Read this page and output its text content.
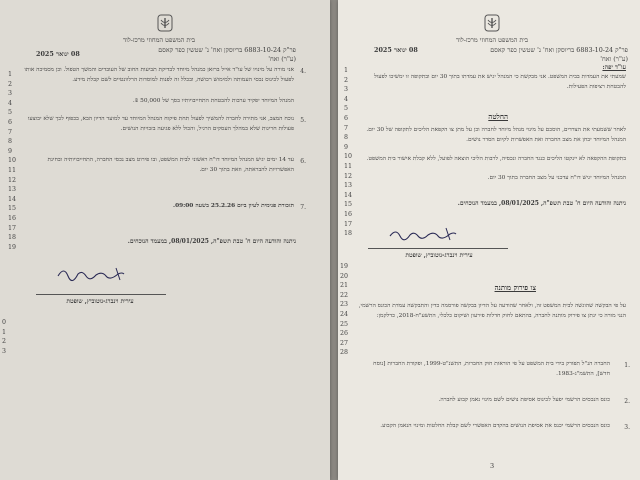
בית המשפט המחוזי מרכז-לוד
פר"ק 6883-10-24 בריוסקן ואח' נ' שטשין כפר קאסם
(ע"ר) ואח'
08 ינואר 2025
1
2
3
4
5
6
7
8
9
10
11
12
13
14
15
16
17
18
19
4.
אני מורה על מינויו של עו"ד אייל ברזאן כמנהל מיוחד לבדיקת תביעות החוב של העובדים והמשך הטפול. וכן מסמיכה אותו לפעול לכינוס נכסי העמותה ולמימוש רכושה, ובכלל זה לפנות למוסדות הרלוונטיים לשם קבלת מידע.
המנהל המיוחד יפקיד ערבות להבטחת התחייבויותיו בסך של 50,000 ₪.
5.
נוכח המצב, אני מתירה לחברה להמשיך לפעול תחת פיקוח המנהל המיוחד עד למועד הדיון הבא, בכפוף לכך שלא יבוצעו פעולות חריגות שלא במהלך העסקים הרגיל, והכול ללא פגיעה בזכויות הנושים.
6.
עד 14 ימים יגיש המנהל המיוחד דו"ח ראשוני לבית המשפט, ובו פירוט מצב נכסי החברה, התחייבויותיה ובחינת האפשרויות להבראתה, וזאת בתוך 30 יום.
7.
תזכורת פנימית לעיון ביום 25.2.26 בשעה 09:00.
ניתנה והודעה היום ח' טבת תשפ"ה, 08/01/2025, במעמד הנוכחים.
עירית וינברג-נוטוביץ, שופטת
0
1
2
3
בית המשפט המחוזי מרכז-לוד
פר"ק 6883-10-24 בריוסקן ואח' נ' שטשין כפר קאסם
(ע"ר) ואח'
08 ינואר 2025
1
2
3
4
5
6
7
8
9
10
11
12
13
14
15
16
17
18
עו"ד יפה:
שמעתי את העמדות בבית המשפט. אני מבקשת כי המנהל יגיש את עמדתו בתוך 30 יום ובתקופה זו ימשיכו לפעול להבטחת רציפות הפעילות.
החלטה
לאחר ששמעתי את הצדדים, הוסכם על מינוי מנהל מיוחד לחברה וכן על מתן צו הקפאת הליכים לתקופה של 30 יום. המנהל המיוחד יבחן את מצב החברה ואת האפשרות לקיום הסדר נושים.
בתקופת ההקפאה לא יינקטו הליכים כנגד החברה ונכסיה, לרבות הליכי הוצאה לפועל, ללא קבלת אישור בית המשפט.
המנהל המיוחד יגיש דו"ח עדכני על מצב החברה בתוך 30 יום.
ניתנה והודעה היום ח' טבת תשפ"ה, 08/01/2025, במעמד הנוכחים.
עירית וינברג-נוטוביץ, שופטת
19
20
21
22
23
24
25
26
27
28
צו פירוק מותנה
על פי הבקשה שהוגשה לבית המשפט זה, ולאחר שהודעה על הדיון בבקשה פורסמה כדין והתבקשה עמדת הכונס הרשמי, הנני מורה כי ינתן צו פירוק מותנה לחברה, בהתאם לחוק חדלות פירעון ושיקום כלכלי, התשע"ח-2018, כדלקמן:
1.
החברה הנ"ל תפורק בידי בית המשפט על פי הוראות חוק החברות, התשנ"ט-1999, ופקודת החברות [נוסח חדש], התשמ"ג-1983.
2.
כונס הנכסים הרשמי יפעל לכינוס אסיפת נושים לשם מינוי נאמן קבוע לחברה.
3.
כונס הנכסים הרשמי יכנס את אסיפת הנושים בהקדם האפשרי לשם קבלת החלטות ומינוי הנאמן הקבוע.
3
